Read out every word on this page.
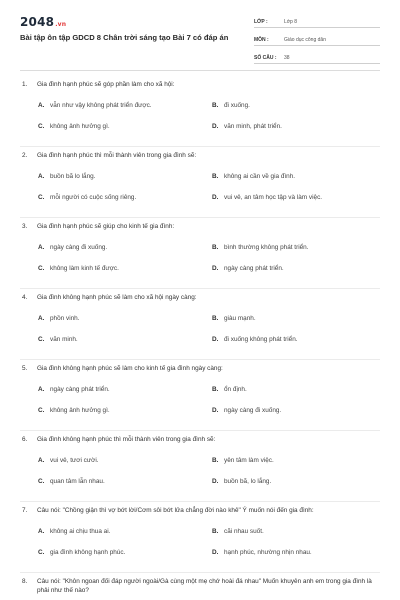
2048.vn
Bài tập ôn tập GDCD 8 Chân trời sáng tạo Bài 7 có đáp án
LỚP :	Lớp 8
MÔN :	Giáo dục công dân
SỐ CÂU :	38
1.	Gia đình hạnh phúc sẽ góp phần làm cho xã hội:
A. vẫn như vậy không phát triển được.	B. đi xuống.
C. không ảnh hưởng gì.	D. văn minh, phát triển.
2.	Gia đình hạnh phúc thì mỗi thành viên trong gia đình sẽ:
A. buồn bã lo lắng.	B. không ai cần về gia đình.
C. mỗi người có cuộc sống riêng.	D. vui vẻ, an tâm học tập và làm việc.
3.	Gia đình hạnh phúc sẽ giúp cho kinh tế gia đình:
A. ngày càng đi xuống.	B. bình thường không phát triển.
C. không làm kinh tế được.	D. ngày càng phát triển.
4.	Gia đình không hạnh phúc sẽ làm cho xã hội ngày càng:
A. phồn vinh.	B. giàu mạnh.
C. văn minh.	D. đi xuống không phát triển.
5.	Gia đình không hạnh phúc sẽ làm cho kinh tế gia đình ngày càng:
A. ngày càng phát triển.	B. ổn định.
C. không ảnh hưởng gì.	D. ngày càng đi xuống.
6.	Gia đình không hạnh phúc thì mỗi thành viên trong gia đình sẽ:
A. vui vẻ, tươi cười.	B. yên tâm làm việc.
C. quan tâm lẫn nhau.	D. buồn bã, lo lắng.
7.	Câu nói: "Chồng giận thì vợ bớt lời/Cơm sôi bớt lửa chẳng đời nào khê" Ý muốn nói đến gia đình:
A. không ai chịu thua ai.	B. cãi nhau suốt.
C. gia đình không hạnh phúc.	D. hạnh phúc, nhường nhịn nhau.
8.	Câu nói: "Khôn ngoan đối đáp người ngoài/Gà cùng một mẹ chớ hoài đá nhau" Muốn khuyên anh em trong gia đình là phải như thế nào?
